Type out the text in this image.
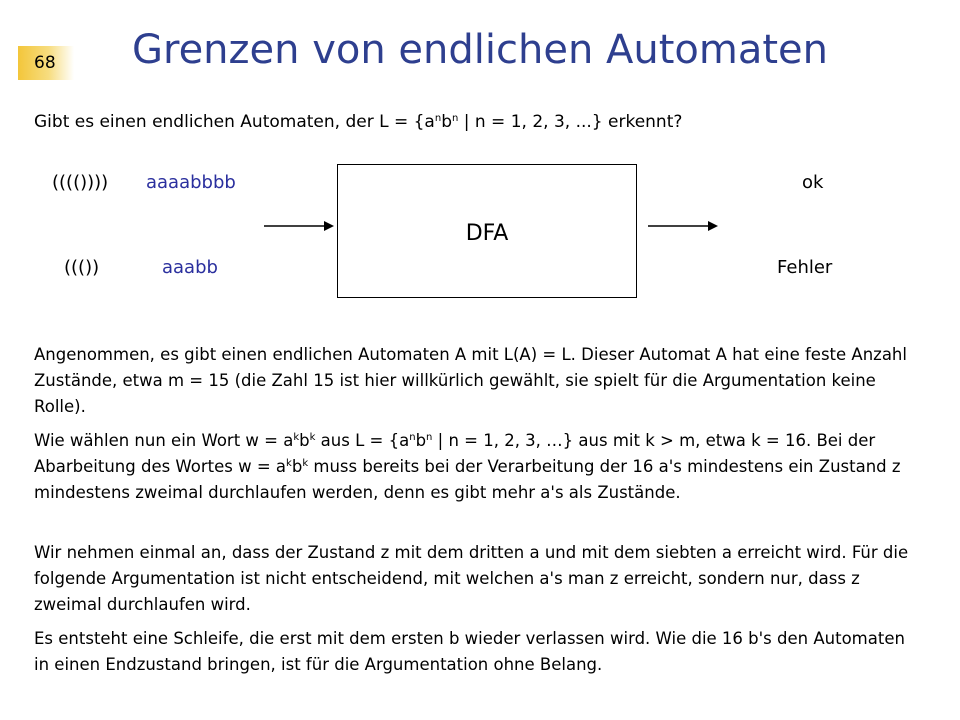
68	Grenzen von endlichen Automaten
Gibt es einen endlichen Automaten, der $L = \{a^nb^n$ | n = 1, 2, 3, ...} erkennt?
(((()))) aaaabbbb
((())	aaabb
DFA
ok
Fehler

Angenommen, es gibt einen endlichen Automaten A mit L(A) = L. Dieser Automat A hat eine feste Anzahl Zustände, etwa m = 15 (die Zahl 15 ist hier willkürlich gewählt, sie spielt für die Argumentation keine Rolle).

Wie wählen nun ein Wort $w = a^kb^k$ aus $L = \{a^nb^n$ | n = 1, 2, 3, …} aus mit k > m, etwa k = 16. Bei der Abarbeitung des Wortes $w = a^kb^k$ muss bereits bei der Verarbeitung der 16 a's mindestens ein Zustand z mindestens zweimal durchlaufen werden, denn es gibt mehr a's als Zustände.

Wir nehmen einmal an, dass der Zustand z mit dem dritten a und mit dem siebten a erreicht wird. Für die folgende Argumentation ist nicht entscheidend, mit welchen a's man z erreicht, sondern nur, dass z zweimal durchlaufen wird.

Es entsteht eine Schleife, die erst mit dem ersten b wieder verlassen wird. Wie die 16 b's den Automaten in einen Endzustand bringen, ist für die Argumentation ohne Belang.
